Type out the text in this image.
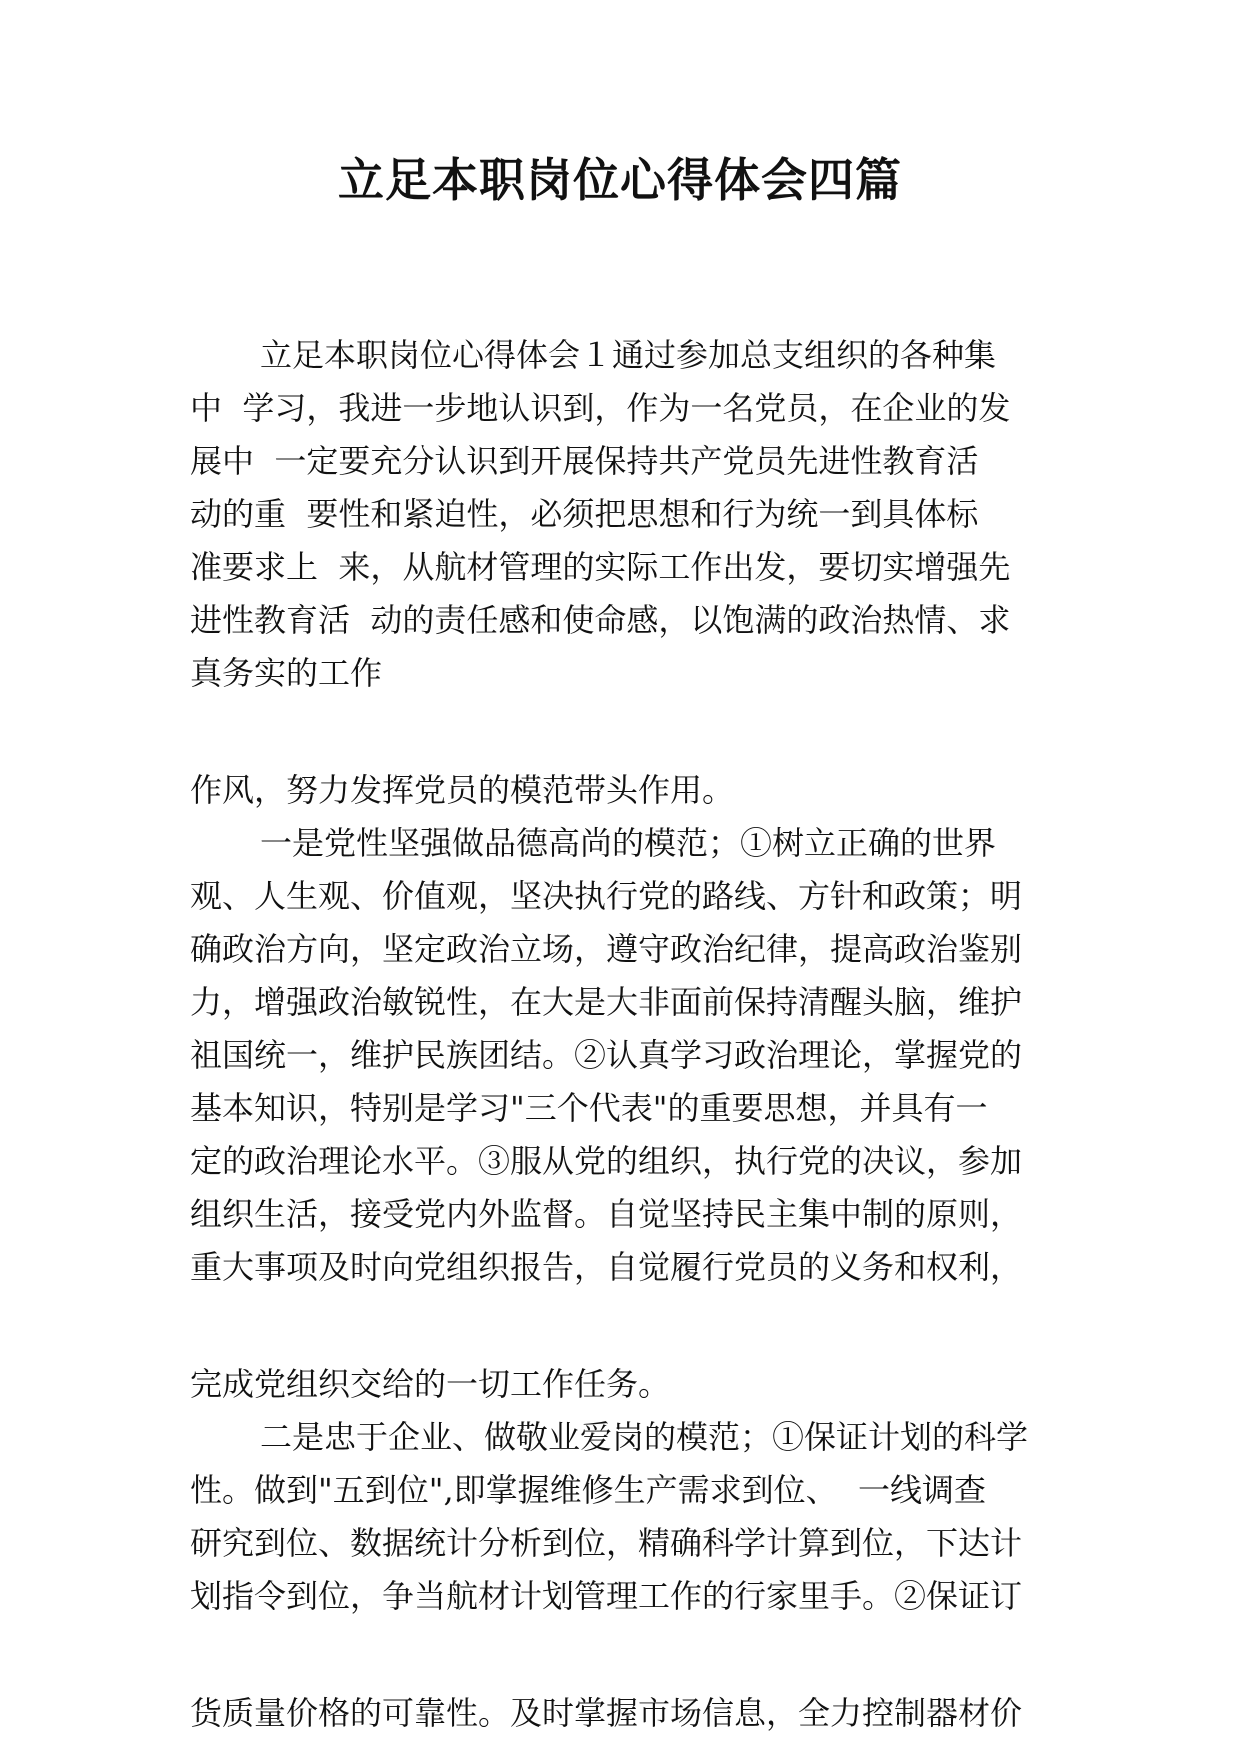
立足本职岗位心得体会四篇
立足本职岗位心得体会１通过参加总支组织的各种集
中  学习，我进一步地认识到，作为一名党员，在企业的发
展中  一定要充分认识到开展保持共产党员先进性教育活
动的重  要性和紧迫性，必须把思想和行为统一到具体标
准要求上  来，从航材管理的实际工作出发，要切实增强先
进性教育活  动的责任感和使命感，以饱满的政治热情、求
真务实的工作
作风，努力发挥党员的模范带头作用。
一是党性坚强做品德高尚的模范；①树立正确的世界
观、人生观、价值观，坚决执行党的路线、方针和政策；明
确政治方向，坚定政治立场，遵守政治纪律，提高政治鉴别
力，增强政治敏锐性，在大是大非面前保持清醒头脑，维护
祖国统一，维护民族团结。②认真学习政治理论，掌握党的
基本知识，特别是学习"三个代表"的重要思想，并具有一
定的政治理论水平。③服从党的组织，执行党的决议，参加
组织生活，接受党内外监督。自觉坚持民主集中制的原则，
重大事项及时向党组织报告，自觉履行党员的义务和权利，
完成党组织交给的一切工作任务。
二是忠于企业、做敬业爱岗的模范；①保证计划的科学
性。做到"五到位",即掌握维修生产需求到位、  一线调查
研究到位、数据统计分析到位，精确科学计算到位，下达计
划指令到位，争当航材计划管理工作的行家里手。②保证订
货质量价格的可靠性。及时掌握市场信息，全力控制器材价
